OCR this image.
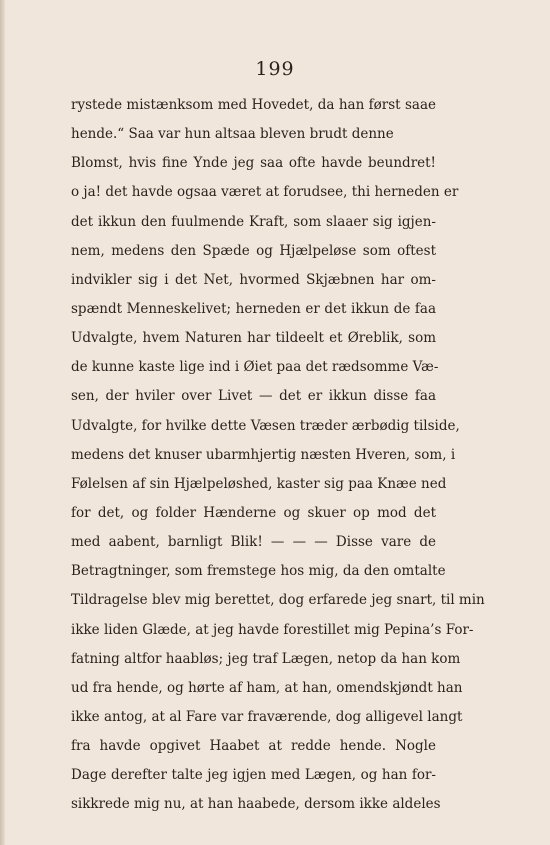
199
rystede mistænksom med Hovedet, da han først saae
hende.“ Saa var hun altsaa bleven brudt denne
Blomst, hvis fine Ynde jeg saa ofte havde beundret!
o ja! det havde ogsaa været at forudsee, thi herneden er
det ikkun den fuulmende Kraft, som slaaer sig igjen-
nem, medens den Spæde og Hjælpeløse som oftest
indvikler sig i det Net, hvormed Skjæbnen har om-
spændt Menneskelivet; herneden er det ikkun de faa
Udvalgte, hvem Naturen har tildeelt et Øreblik, som
de kunne kaste lige ind i Øiet paa det rædsomme Væ-
sen, der hviler over Livet — det er ikkun disse faa
Udvalgte, for hvilke dette Væsen træder ærbødig tilside,
medens det knuser ubarmhjertig næsten Hveren, som, i
Følelsen af sin Hjælpeløshed, kaster sig paa Knæe ned
for det, og folder Hænderne og skuer op mod det
med aabent, barnligt Blik! — — — Disse vare de
Betragtninger, som fremstege hos mig, da den omtalte
Tildragelse blev mig berettet, dog erfarede jeg snart, til min
ikke liden Glæde, at jeg havde forestillet mig Pepina’s For-
fatning altfor haabløs; jeg traf Lægen, netop da han kom
ud fra hende, og hørte af ham, at han, omendskjøndt han
ikke antog, at al Fare var fraværende, dog alligevel langt
fra havde opgivet Haabet at redde hende. Nogle
Dage derefter talte jeg igjen med Lægen, og han for-
sikkrede mig nu, at han haabede, dersom ikke aldeles
